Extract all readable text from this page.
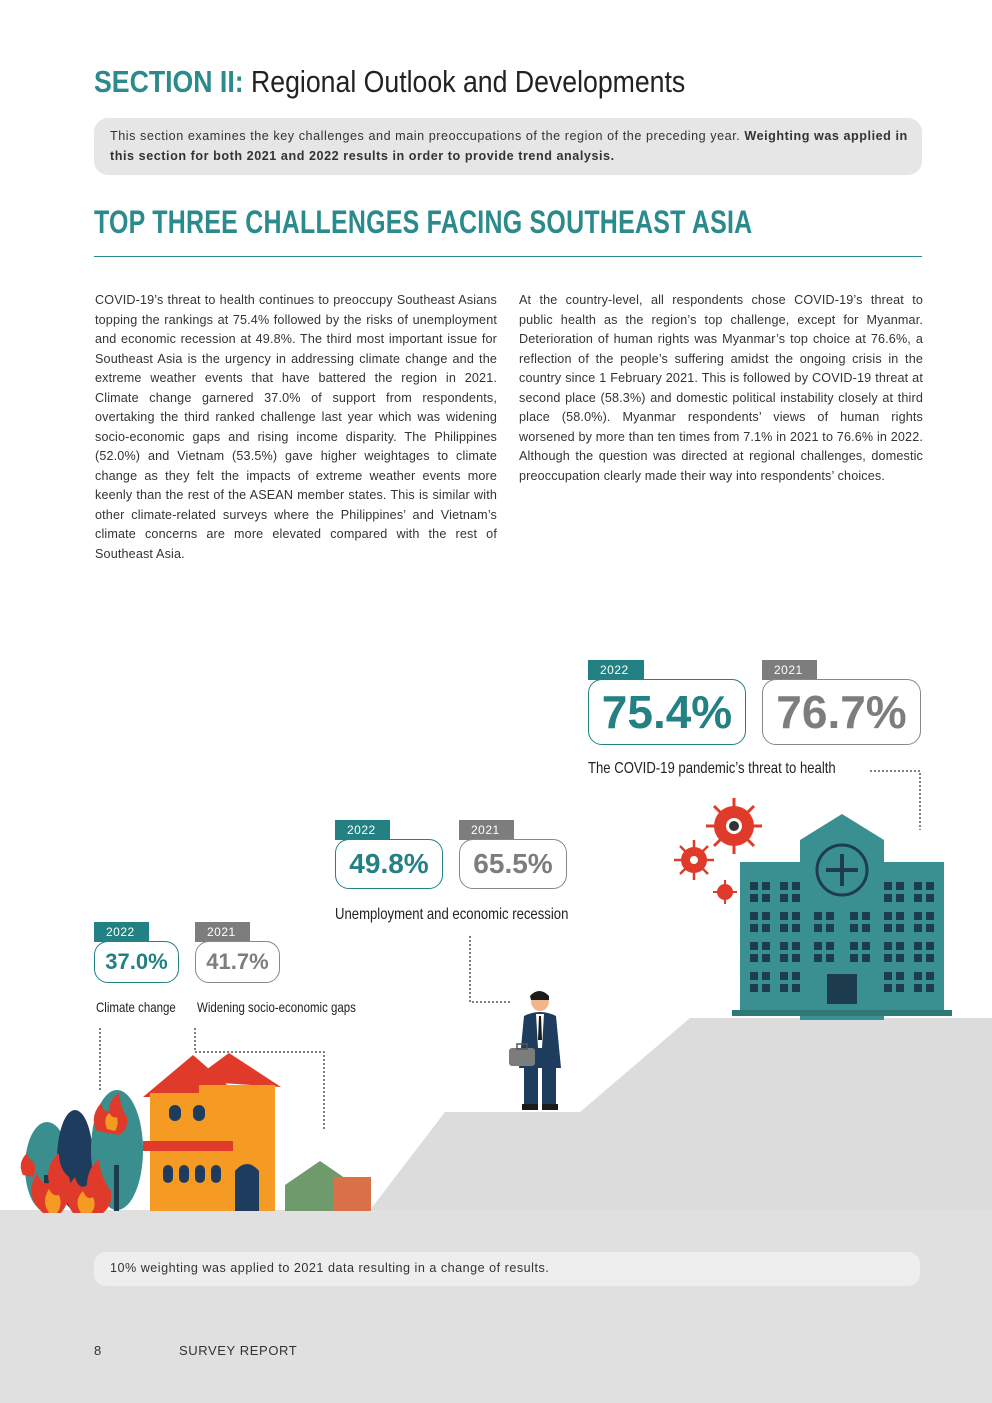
SECTION II: Regional Outlook and Developments
This section examines the key challenges and main preoccupations of the region of the preceding year. Weighting was applied in this section for both 2021 and 2022 results in order to provide trend analysis.
TOP THREE CHALLENGES FACING SOUTHEAST ASIA
COVID-19’s threat to health continues to preoccupy Southeast Asians topping the rankings at 75.4% followed by the risks of unemployment and economic recession at 49.8%. The third most important issue for Southeast Asia is the urgency in addressing climate change and the extreme weather events that have battered the region in 2021. Climate change garnered 37.0% of support from respondents, overtaking the third ranked challenge last year which was widening socio-economic gaps and rising income disparity. The Philippines (52.0%) and Vietnam (53.5%) gave higher weightages to climate change as they felt the impacts of extreme weather events more keenly than the rest of the ASEAN member states. This is similar with other climate-related surveys where the Philippines’ and Vietnam’s climate concerns are more elevated compared with the rest of Southeast Asia.
At the country-level, all respondents chose COVID-19’s threat to public health as the region’s top challenge, except for Myanmar. Deterioration of human rights was Myanmar’s top choice at 76.6%, a reflection of the people’s suffering amidst the ongoing crisis in the country since 1 February 2021. This is followed by COVID-19 threat at second place (58.3%) and domestic political instability closely at third place (58.0%). Myanmar respondents’ views of human rights worsened by more than ten times from 7.1% in 2021 to 76.6% in 2022. Although the question was directed at regional challenges, domestic preoccupation clearly made their way into respondents’ choices.
2022
75.4%
2021
76.7%
The COVID-19 pandemic’s threat to health
2022
49.8%
2021
65.5%
Unemployment and economic recession
2022
37.0%
2021
41.7%
Climate change Widening socio-economic gaps
10% weighting was applied to 2021 data resulting in a change of results.
8	SURVEY REPORT
